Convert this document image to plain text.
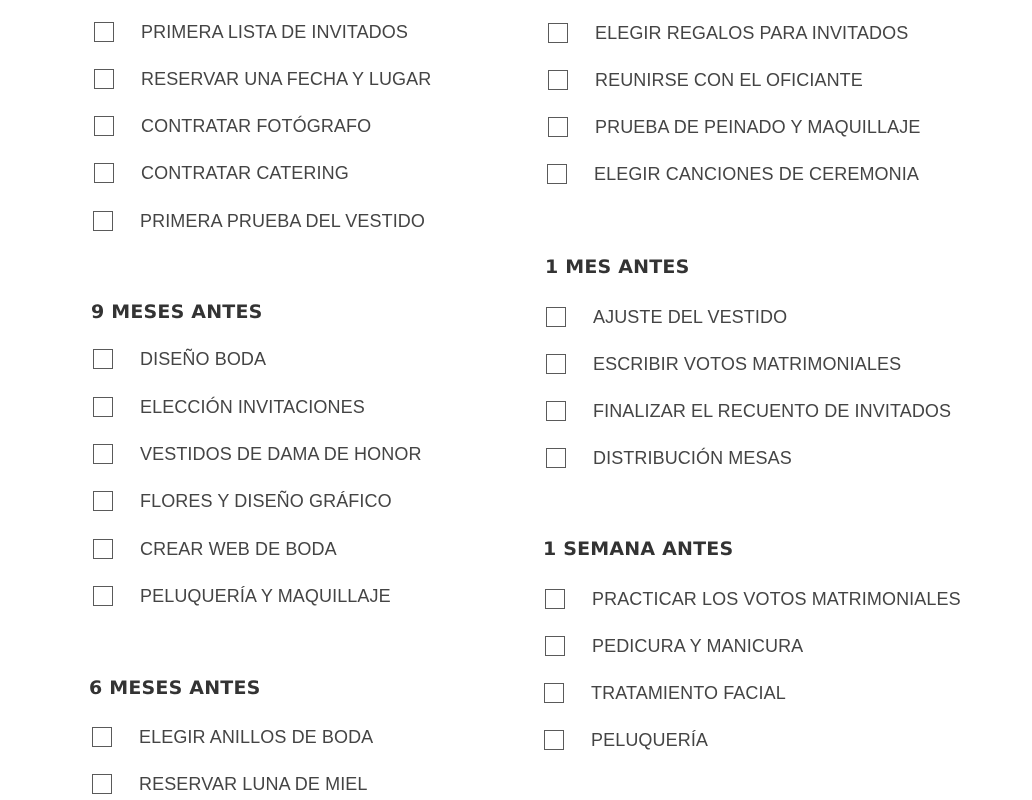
PRIMERA LISTA DE INVITADOS
RESERVAR UNA FECHA Y LUGAR
CONTRATAR FOTÓGRAFO
CONTRATAR CATERING
PRIMERA PRUEBA DEL VESTIDO
9 MESES ANTES
DISEÑO BODA
ELECCIÓN INVITACIONES
VESTIDOS DE DAMA DE HONOR
FLORES Y DISEÑO GRÁFICO
CREAR WEB DE BODA
PELUQUERÍA Y MAQUILLAJE
6 MESES ANTES
ELEGIR ANILLOS DE BODA
RESERVAR LUNA DE MIEL
ELEGIR REGALOS PARA INVITADOS
REUNIRSE CON EL OFICIANTE
PRUEBA DE PEINADO Y MAQUILLAJE
ELEGIR CANCIONES DE CEREMONIA
1 MES ANTES
AJUSTE DEL VESTIDO
ESCRIBIR VOTOS MATRIMONIALES
FINALIZAR EL RECUENTO DE INVITADOS
DISTRIBUCIÓN MESAS
1 SEMANA ANTES
PRACTICAR LOS VOTOS MATRIMONIALES
PEDICURA Y MANICURA
TRATAMIENTO FACIAL
PELUQUERÍA
